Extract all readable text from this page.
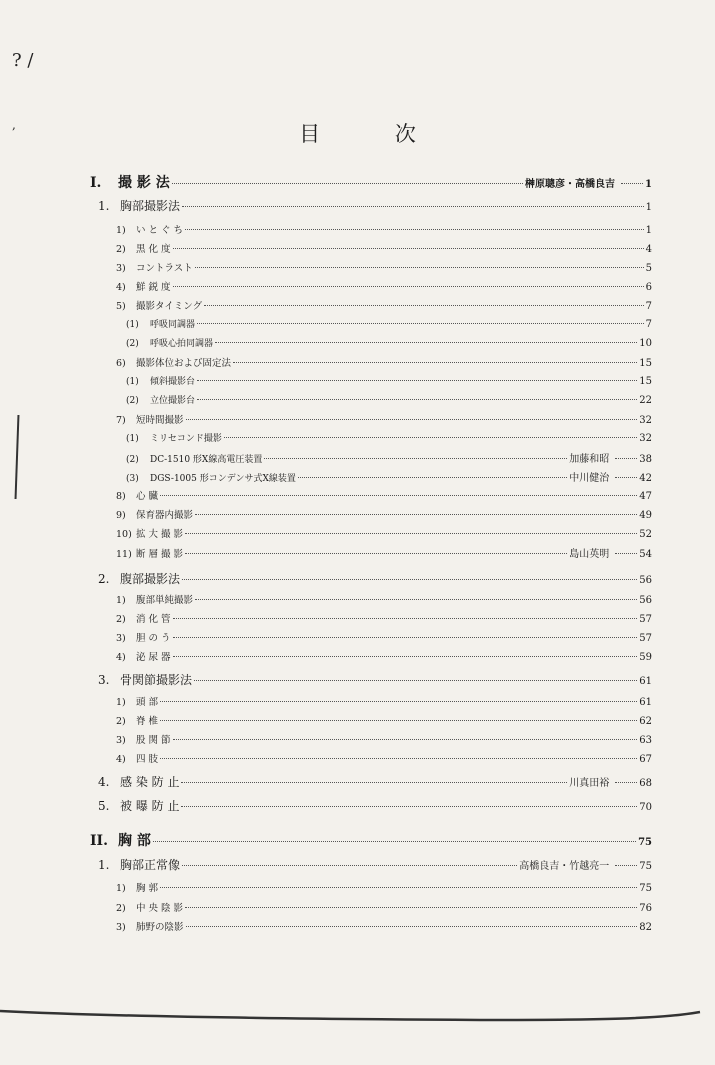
? /
,	目 次
I.	撮 影 法	榊原聰彦・高橋良吉	1
1. 胸部撮影法	1
1)	い と ぐ ち	1
2)	黒 化 度	4
3)	コントラスト	5
4)	鮮 鋭 度	6
5)	撮影タイミング	7
(1)	呼吸同調器	7
(2)	呼吸心拍同調器	10
6)	撮影体位および固定法	15
(1)	傾斜撮影台	15
(2)	立位撮影台	22
7)	短時間撮影	32
(1)	ミリセコンド撮影	32
(2)	DC-1510 形X線高電圧装置	加藤和昭	38
(3)	DGS-1005 形コンデンサ式X線装置	中川健治	42
8)	心 臓	47
9)	保育器内撮影	49
10) 拡 大 撮 影	52
11) 断 層 撮 影	島山英明	54
2. 腹部撮影法	56
1)	腹部単純撮影	56
2)	消 化 管	57
3)	胆 の う	57
4)	泌 尿 器	59
3. 骨関節撮影法	61
1)	頭 部	61
2)	脊 椎	62
3)	股 関 節	63
4)	四 肢	67
4. 感 染 防 止	川真田裕	68
5. 被 曝 防 止	70
II. 胸 部	75
1. 胸部正常像	高橋良吉・竹越亮一	75
1)	胸 郭	75
2)	中 央 陰 影	76
3)	肺野の陰影	82
